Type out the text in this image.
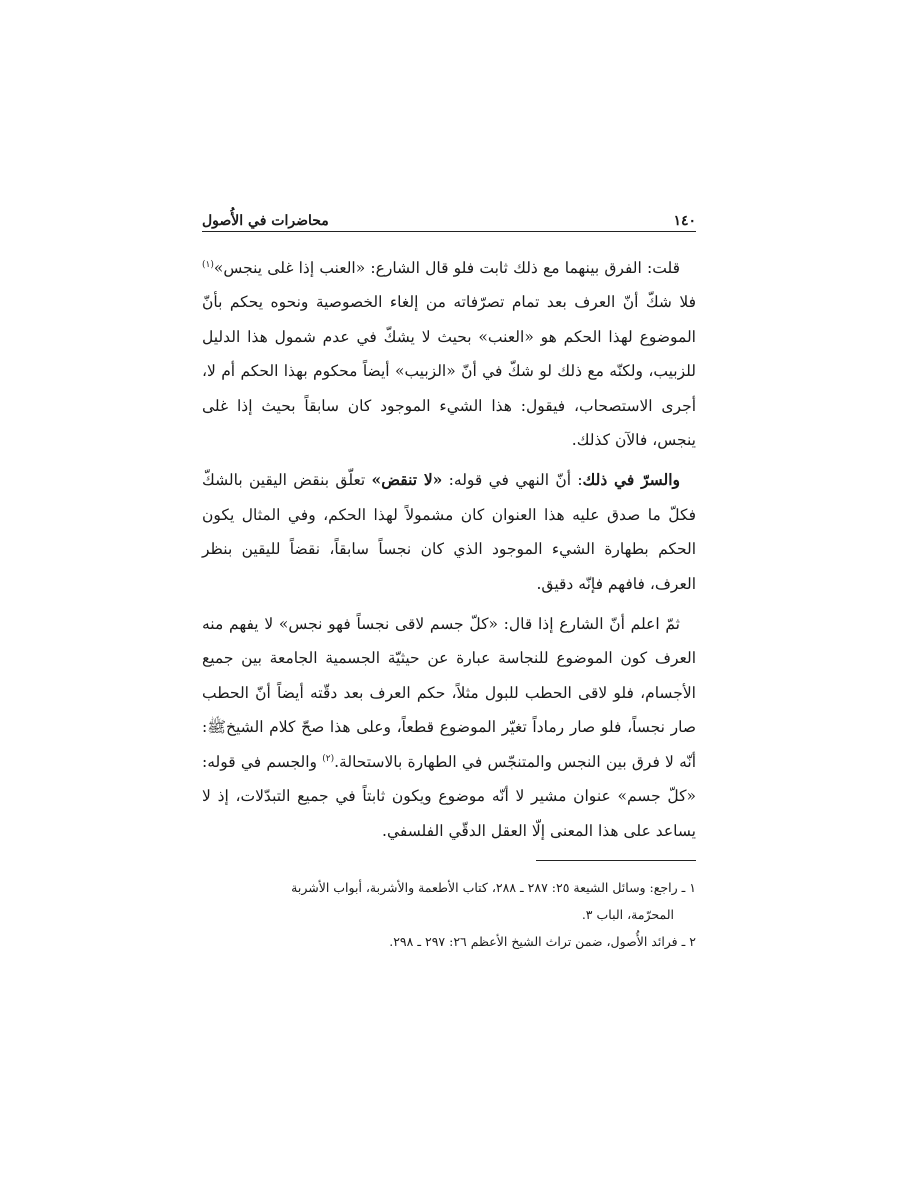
١٤٠
محاضرات في الأُصول

قلت: الفرق بينهما مع ذلك ثابت فلو قال الشارع: «العنب إذا غلى ينجس»$^{(١)}$ فلا شكّ أنّ العرف بعد تمام تصرّفاته من إلغاء الخصوصية ونحوه يحكم بأنّ الموضوع لهذا الحكم هو «العنب» بحيث لا يشكّ في عدم شمول هذا الدليل للزبيب، ولكنّه مع ذلك لو شكّ في أنّ «الزبيب» أيضاً محكوم بهذا الحكم أم لا، أجرى الاستصحاب، فيقول: هذا الشيء الموجود كان سابقاً بحيث إذا غلى ينجس، فالآن كذلك.

والسرّ في ذلك: أنّ النهي في قوله: «لا تنقض» تعلّق بنقض اليقين بالشكّ فكلّ ما صدق عليه هذا العنوان كان مشمولاً لهذا الحكم، وفي المثال يكون الحكم بطهارة الشيء الموجود الذي كان نجساً سابقاً، نقضاً لليقين بنظر العرف، فافهم فإنّه دقيق.

ثمّ اعلم أنّ الشارع إذا قال: «كلّ جسم لاقى نجساً فهو نجس» لا يفهم منه العرف كون الموضوع للنجاسة عبارة عن حيثيّة الجسمية الجامعة بين جميع الأجسام، فلو لاقى الحطب للبول مثلاً، حكم العرف بعد دقّته أيضاً أنّ الحطب صار نجساً، فلو صار رماداً تغيّر الموضوع قطعاً، وعلى هذا صحّ كلام الشيخﷺ: أنّه لا فرق بين النجس والمتنجّس في الطهارة بالاستحالة.$^{(٢)}$ والجسم في قوله: «كلّ جسم» عنوان مشير لا أنّه موضوع ويكون ثابتاً في جميع التبدّلات، إذ لا يساعد على هذا المعنى إلّا العقل الدقّي الفلسفي.

١ ـ راجع: وسائل الشيعة ٢٥: ٢٨٧ ـ ٢٨٨، كتاب الأطعمة والأشربة، أبواب الأشربة

المحرّمة، الباب ٣.

٢ ـ فرائد الأُصول، ضمن تراث الشيخ الأعظم ٢٦: ٢٩٧ ـ ٢٩٨.
